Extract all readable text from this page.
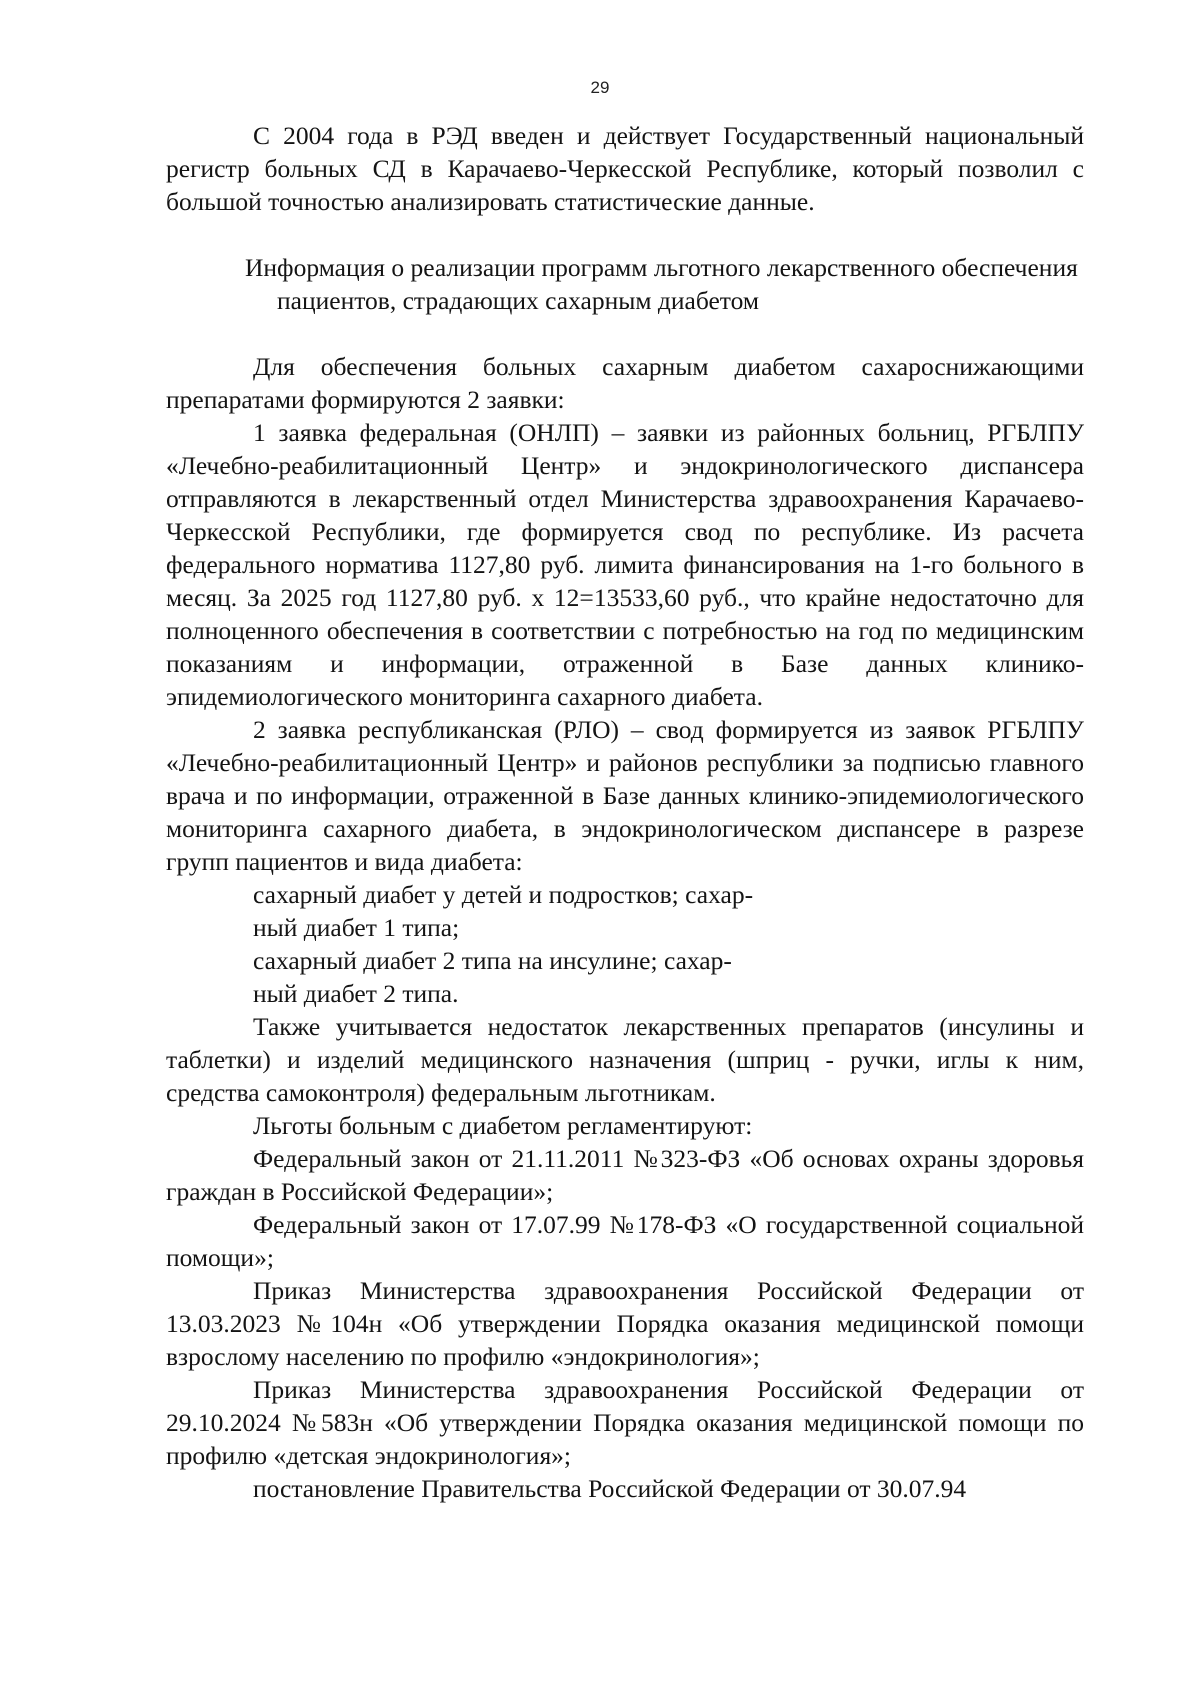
29

С 2004 года в РЭД введен и действует Государственный национальный регистр больных СД в Карачаево-Черкесской Республике, который позволил с большой точностью анализировать статистические данные.

Информация о реализации программ льготного лекарственного обеспечения пациентов, страдающих сахарным диабетом

Для обеспечения больных сахарным диабетом сахароснижающими препаратами формируются 2 заявки:

1 заявка федеральная (ОНЛП) – заявки из районных больниц, РГБЛПУ «Лечебно-реабилитационный Центр» и эндокринологического диспансера отправляются в лекарственный отдел Министерства здравоохранения Карачаево-Черкесской Республики, где формируется свод по республике. Из расчета федерального норматива 1127,80 руб. лимита финансирования на 1-го больного в месяц. За 2025 год 1127,80 руб. х 12=13533,60 руб., что крайне недостаточно для полноценного обеспечения в соответствии с потребностью на год по медицинским показаниям и информации, отраженной в Базе данных клинико-эпидемиологического мониторинга сахарного диабета.

2 заявка республиканская (РЛО) – свод формируется из заявок РГБЛПУ «Лечебно-реабилитационный Центр» и районов республики за подписью главного врача и по информации, отраженной в Базе данных клинико-эпидемиологического мониторинга сахарного диабета, в эндокринологическом диспансере в разрезе групп пациентов и вида диабета:

сахарный диабет у детей и подростков; сахар-

ный диабет 1 типа;

сахарный диабет 2 типа на инсулине; сахар-

ный диабет 2 типа.

Также учитывается недостаток лекарственных препаратов (инсулины и таблетки) и изделий медицинского назначения (шприц - ручки, иглы к ним, средства самоконтроля) федеральным льготникам.

Льготы больным с диабетом регламентируют:

Федеральный закон от 21.11.2011 №323-ФЗ «Об основах охраны здоровья граждан в Российской Федерации»;

Федеральный закон от 17.07.99 №178-ФЗ «О государственной социальной помощи»;

Приказ Министерства здравоохранения Российской Федерации от 13.03.2023 №104н «Об утверждении Порядка оказания медицинской помощи взрослому населению по профилю «эндокринология»;

Приказ Министерства здравоохранения Российской Федерации от 29.10.2024 №583н «Об утверждении Порядка оказания медицинской помощи по профилю «детская эндокринология»;

постановление Правительства Российской Федерации от 30.07.94
